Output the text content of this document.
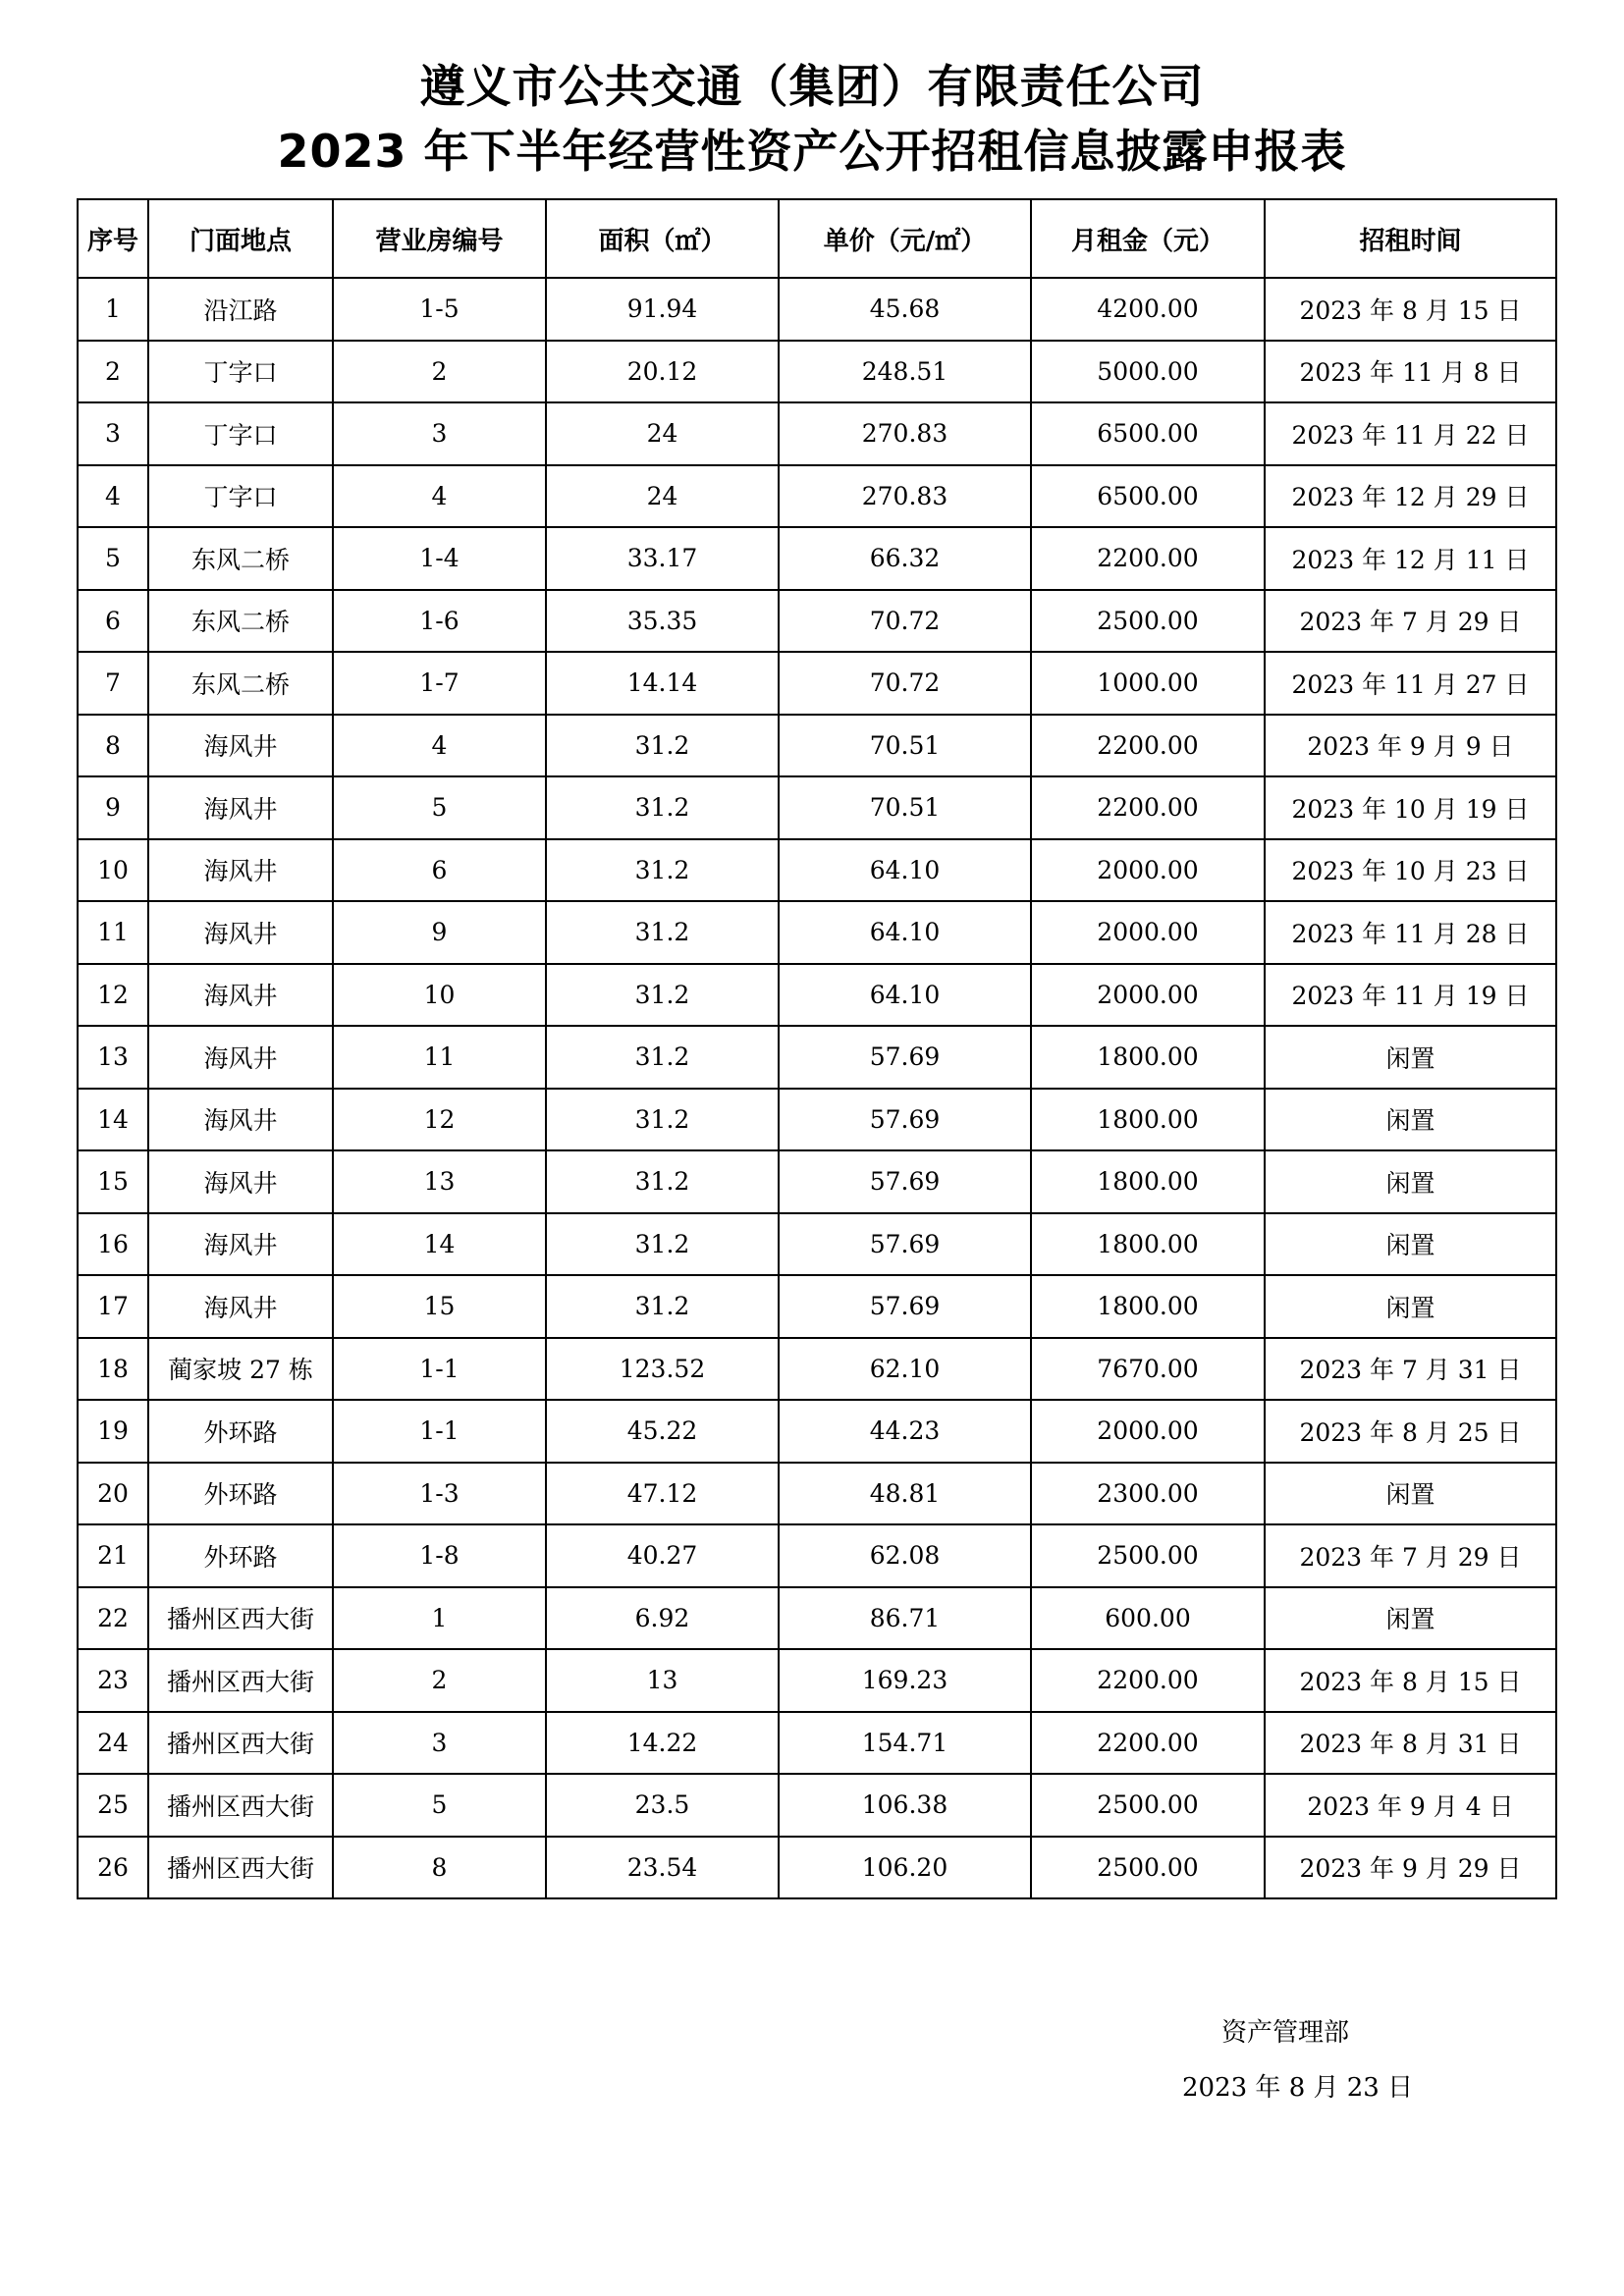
遵义市公共交通（集团）有限责任公司
2023 年下半年经营性资产公开招租信息披露申报表
序号	门面地点	营业房编号	面积（㎡）	单价（元/㎡）	月租金（元）	招租时间
1	沿江路	1-5	91.94	45.68	4200.00	2023 年 8 月 15 日
2	丁字口	2	20.12	248.51	5000.00	2023 年 11 月 8 日
3	丁字口	3	24	270.83	6500.00	2023 年 11 月 22 日
4	丁字口	4	24	270.83	6500.00	2023 年 12 月 29 日
5	东风二桥	1-4	33.17	66.32	2200.00	2023 年 12 月 11 日
6	东风二桥	1-6	35.35	70.72	2500.00	2023 年 7 月 29 日
7	东风二桥	1-7	14.14	70.72	1000.00	2023 年 11 月 27 日
8	海风井	4	31.2	70.51	2200.00	2023 年 9 月 9 日
9	海风井	5	31.2	70.51	2200.00	2023 年 10 月 19 日
10	海风井	6	31.2	64.10	2000.00	2023 年 10 月 23 日
11	海风井	9	31.2	64.10	2000.00	2023 年 11 月 28 日
12	海风井	10	31.2	64.10	2000.00	2023 年 11 月 19 日
13	海风井	11	31.2	57.69	1800.00	闲置
14	海风井	12	31.2	57.69	1800.00	闲置
15	海风井	13	31.2	57.69	1800.00	闲置
16	海风井	14	31.2	57.69	1800.00	闲置
17	海风井	15	31.2	57.69	1800.00	闲置
18	蔺家坡 27 栋	1-1	123.52	62.10	7670.00	2023 年 7 月 31 日
19	外环路	1-1	45.22	44.23	2000.00	2023 年 8 月 25 日
20	外环路	1-3	47.12	48.81	2300.00	闲置
21	外环路	1-8	40.27	62.08	2500.00	2023 年 7 月 29 日
22	播州区西大街	1	6.92	86.71	600.00	闲置
23	播州区西大街	2	13	169.23	2200.00	2023 年 8 月 15 日
24	播州区西大街	3	14.22	154.71	2200.00	2023 年 8 月 31 日
25	播州区西大街	5	23.5	106.38	2500.00	2023 年 9 月 4 日
26	播州区西大街	8	23.54	106.20	2500.00	2023 年 9 月 29 日
资产管理部
2023 年 8 月 23 日
